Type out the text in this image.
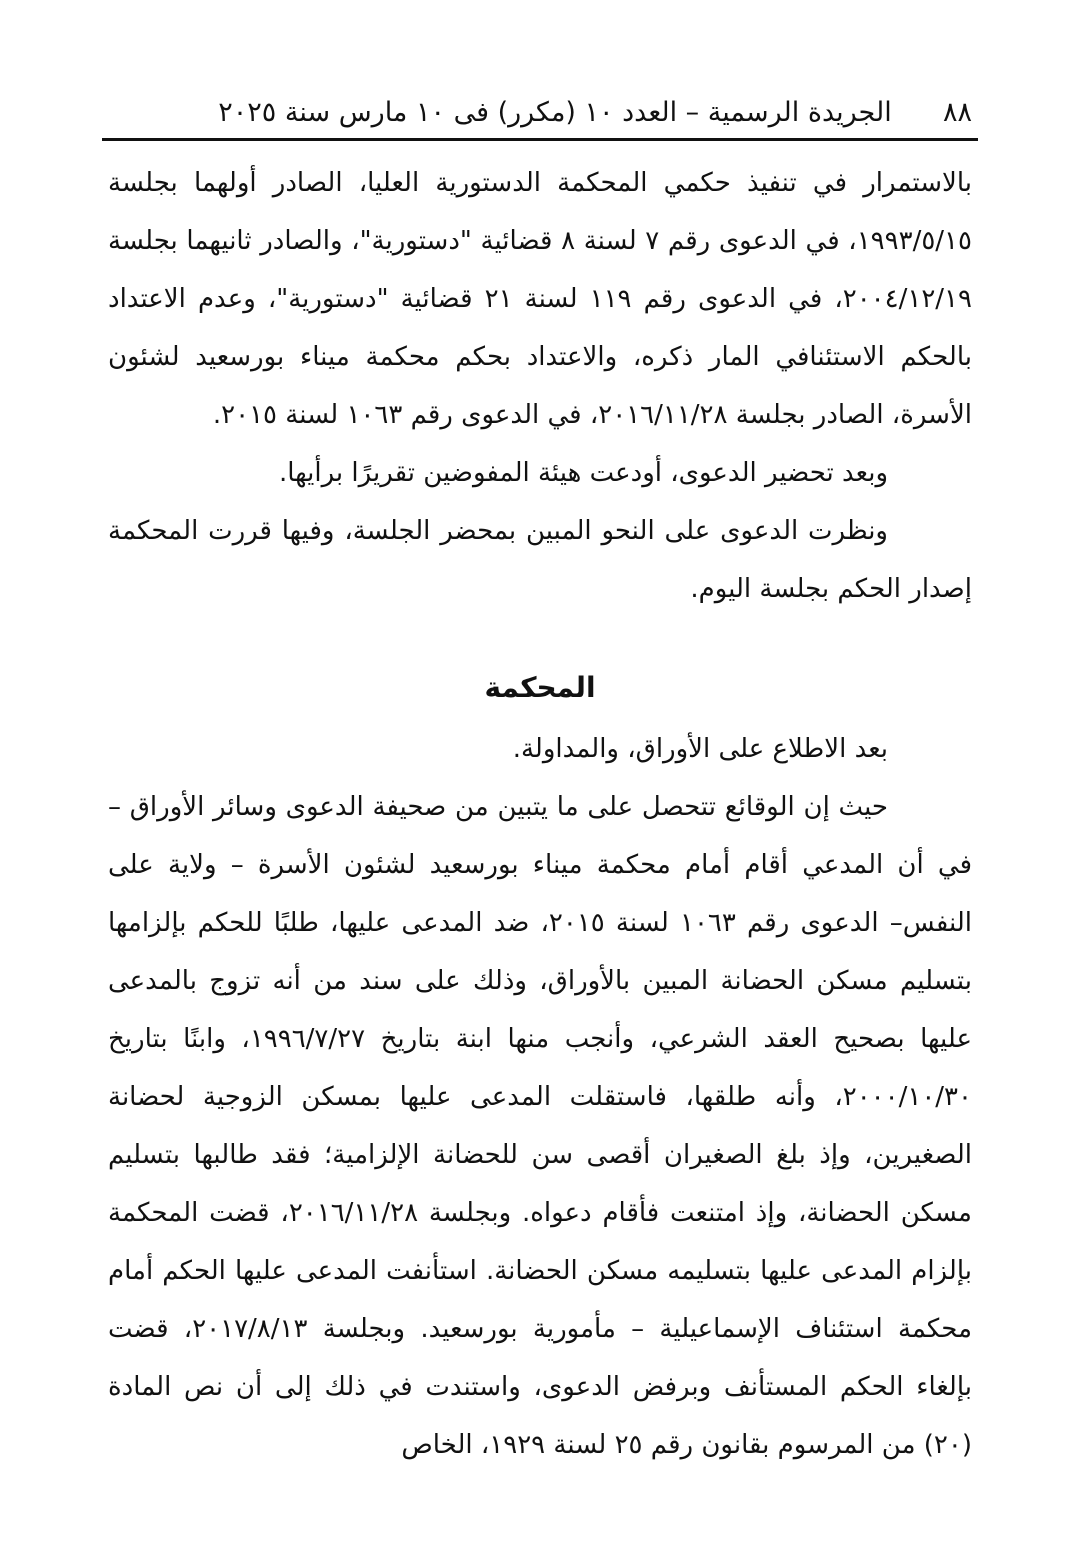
٨٨
الجريدة الرسمية – العدد ١٠ (مكرر) فى ١٠ مارس سنة ٢٠٢٥

بالاستمرار في تنفيذ حكمي المحكمة الدستورية العليا، الصادر أولهما بجلسة ١٩٩٣/٥/١٥، في الدعوى رقم ٧ لسنة ٨ قضائية "دستورية"، والصادر ثانيهما بجلسة ٢٠٠٤/١٢/١٩، في الدعوى رقم ١١٩ لسنة ٢١ قضائية "دستورية"، وعدم الاعتداد بالحكم الاستئنافي المار ذكره، والاعتداد بحكم محكمة ميناء بورسعيد لشئون الأسرة، الصادر بجلسة ٢٠١٦/١١/٢٨، في الدعوى رقم ١٠٦٣ لسنة ٢٠١٥.

وبعد تحضير الدعوى، أودعت هيئة المفوضين تقريرًا برأيها.

ونظرت الدعوى على النحو المبين بمحضر الجلسة، وفيها قررت المحكمة إصدار الحكم بجلسة اليوم.

المحكمة

بعد الاطلاع على الأوراق، والمداولة.

حيث إن الوقائع تتحصل على ما يتبين من صحيفة الدعوى وسائر الأوراق – في أن المدعي أقام أمام محكمة ميناء بورسعيد لشئون الأسرة – ولاية على النفس– الدعوى رقم ١٠٦٣ لسنة ٢٠١٥، ضد المدعى عليها، طلبًا للحكم بإلزامها بتسليم مسكن الحضانة المبين بالأوراق، وذلك على سند من أنه تزوج بالمدعى عليها بصحيح العقد الشرعي، وأنجب منها ابنة بتاريخ ١٩٩٦/٧/٢٧، وابنًا بتاريخ ٢٠٠٠/١٠/٣٠، وأنه طلقها، فاستقلت المدعى عليها بمسكن الزوجية لحضانة الصغيرين، وإذ بلغ الصغيران أقصى سن للحضانة الإلزامية؛ فقد طالبها بتسليم مسكن الحضانة، وإذ امتنعت فأقام دعواه. وبجلسة ٢٠١٦/١١/٢٨، قضت المحكمة بإلزام المدعى عليها بتسليمه مسكن الحضانة. استأنفت المدعى عليها الحكم أمام محكمة استئناف الإسماعيلية – مأمورية بورسعيد. وبجلسة ٢٠١٧/٨/١٣، قضت بإلغاء الحكم المستأنف وبرفض الدعوى، واستندت في ذلك إلى أن نص المادة (٢٠) من المرسوم بقانون رقم ٢٥ لسنة ١٩٢٩، الخاص
